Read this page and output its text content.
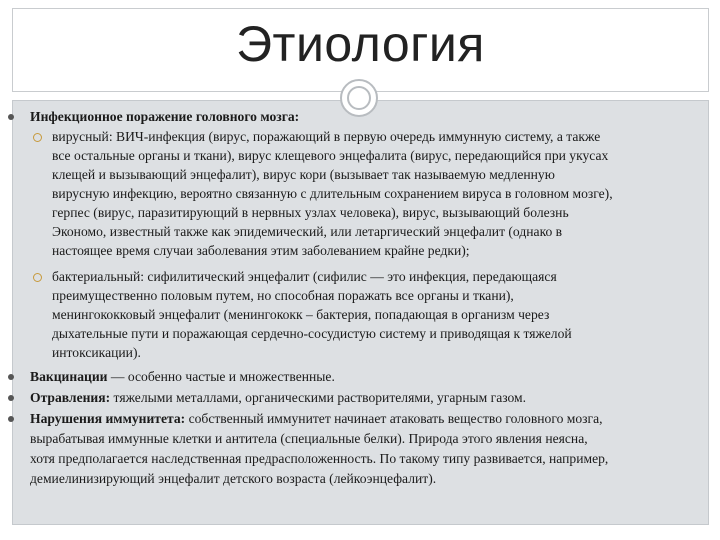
Этиология
Инфекционное поражение головного мозга:
вирусный: ВИЧ-инфекция (вирус, поражающий в первую очередь иммунную систему, а также
все остальные органы и ткани), вирус клещевого энцефалита (вирус, передающийся при укусах
клещей и вызывающий энцефалит), вирус кори (вызывает так называемую медленную
вирусную инфекцию, вероятно связанную с длительным сохранением вируса в головном мозге),
герпес (вирус, паразитирующий в нервных узлах человека), вирус, вызывающий болезнь
Экономо, известный также как эпидемический, или летаргический энцефалит (однако в
настоящее время случаи заболевания этим заболеванием крайне редки);
бактериальный: сифилитический энцефалит (сифилис — это инфекция, передающаяся
преимущественно половым путем, но способная поражать все органы и ткани),
менингококковый энцефалит (менингококк – бактерия, попадающая в организм через
дыхательные пути и поражающая сердечно-сосудистую систему и приводящая к тяжелой
интоксикации).
Вакцинации — особенно частые и множественные.
Отравления: тяжелыми металлами, органическими растворителями, угарным газом.
Нарушения иммунитета: собственный иммунитет начинает атаковать вещество головного мозга,
вырабатывая иммунные клетки и антитела (специальные белки). Природа этого явления неясна,
хотя предполагается наследственная предрасположенность. По такому типу развивается, например,
демиелинизирующий энцефалит детского возраста (лейкоэнцефалит).
